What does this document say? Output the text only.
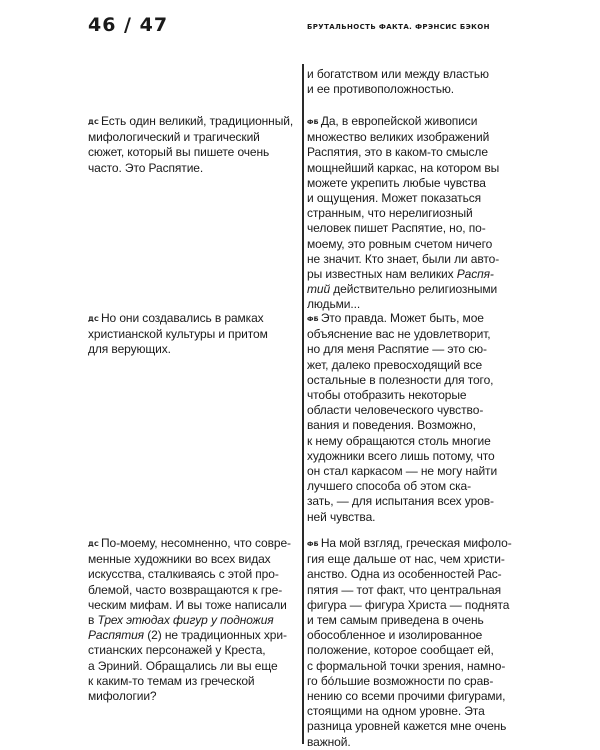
46 / 47	БРУТАЛЬНОСТЬ ФАКТА. ФРЭНСИС БЭКОН

и богатством или между властью
и ее противоположностью.

ДС Есть один великий, традиционный,
мифологический и трагический
сюжет, который вы пишете очень
часто. Это Распятие.

ФБ Да, в европейской живописи
множество великих изображений
Распятия, это в каком-то смысле
мощнейший каркас, на котором вы
можете укрепить любые чувства
и ощущения. Может показаться
странным, что нерелигиозный
человек пишет Распятие, но, по-
моему, это ровным счетом ничего
не значит. Кто знает, были ли авто-
ры известных нам великих Распя-
тий действительно религиозными
людьми...

ДС Но они создавались в рамках
христианской культуры и притом
для верующих.

ФБ Это правда. Может быть, мое
объяснение вас не удовлетворит,
но для меня Распятие — это сю-
жет, далеко превосходящий все
остальные в полезности для того,
чтобы отобразить некоторые
области человеческого чувствo-
вания и поведения. Возможно,
к нему обращаются столь многие
художники всего лишь потому, что
он стал каркасом — не могу найти
лучшего способа об этом ска-
зать, — для испытания всех уров-
ней чувства.

ДС По-моему, несомненно, что совре-
менные художники во всех видах
искусства, сталкиваясь с этой про-
блемой, часто возвращаются к гре-
ческим мифам. И вы тоже написали
в Трех этюдах фигур у подножия
Распятия (2) не традиционных хри-
стианских персонажей у Креста,
а Эриний. Обращались ли вы еще
к каким-то темам из греческой
мифологии?

ФБ На мой взгляд, греческая мифоло-
гия еще дальше от нас, чем христи-
анство. Одна из особенностей Рас-
пятия — тот факт, что центральная
фигура — фигура Христа — поднята
и тем самым приведена в очень
обособленное и изолированное
положение, которое сообщает ей,
с формальной точки зрения, намно-
го бóльшие возможности по срав-
нению со всеми прочими фигурами,
стоящими на одном уровне. Эта
разница уровней кажется мне очень
важной.
